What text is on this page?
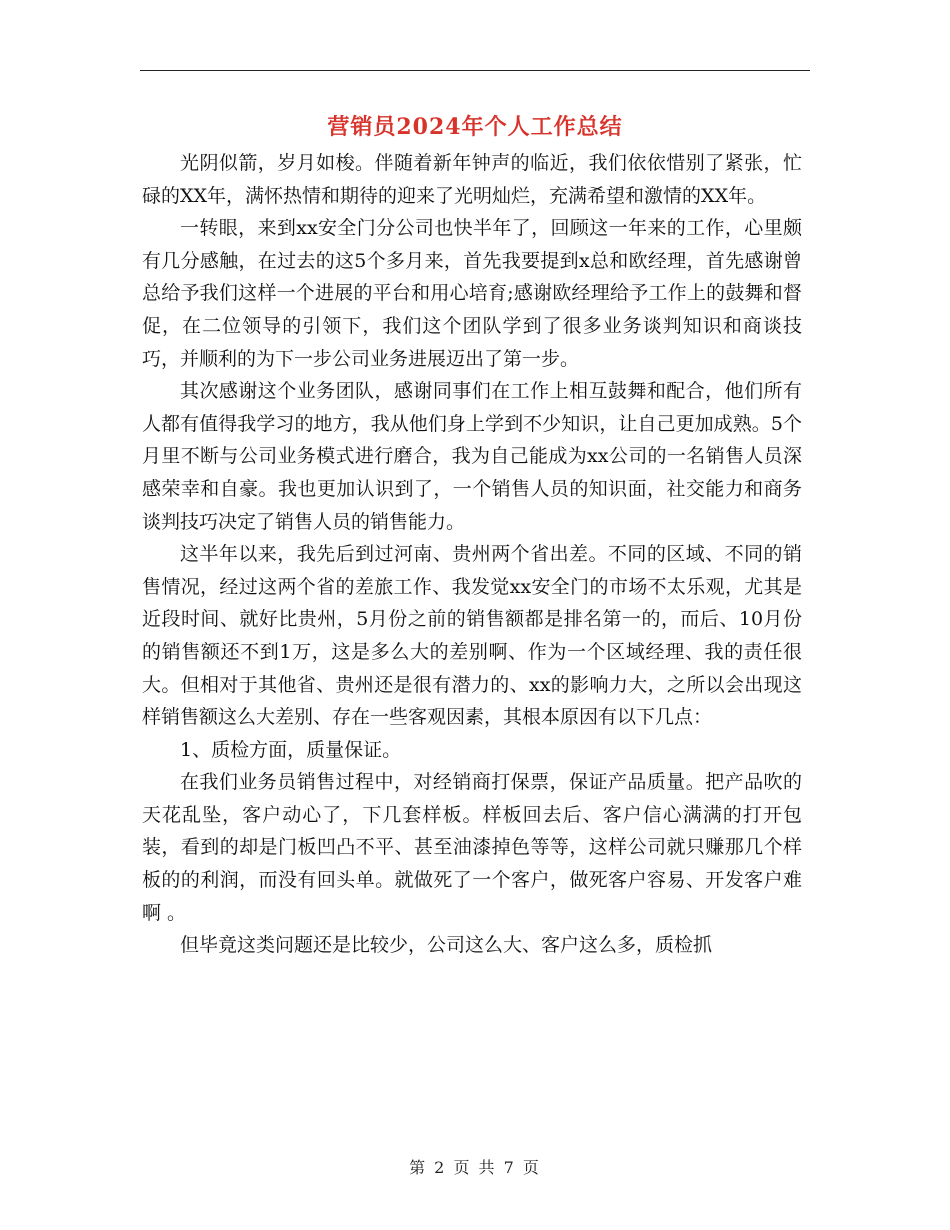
营销员2024年个人工作总结

光阴似箭，岁月如梭。伴随着新年钟声的临近，我们依依惜别了紧张，忙碌的XX年，满怀热情和期待的迎来了光明灿烂，充满希望和激情的XX年。

一转眼，来到xx安全门分公司也快半年了，回顾这一年来的工作，心里颇有几分感触，在过去的这5个多月来，首先我要提到x总和欧经理，首先感谢曾总给予我们这样一个进展的平台和用心培育;感谢欧经理给予工作上的鼓舞和督促，在二位领导的引领下，我们这个团队学到了很多业务谈判知识和商谈技巧，并顺利的为下一步公司业务进展迈出了第一步。

其次感谢这个业务团队，感谢同事们在工作上相互鼓舞和配合，他们所有人都有值得我学习的地方，我从他们身上学到不少知识，让自己更加成熟。5个月里不断与公司业务模式进行磨合，我为自己能成为xx公司的一名销售人员深感荣幸和自豪。我也更加认识到了，一个销售人员的知识面，社交能力和商务谈判技巧决定了销售人员的销售能力。

这半年以来，我先后到过河南、贵州两个省出差。不同的区域、不同的销售情况，经过这两个省的差旅工作、我发觉xx安全门的市场不太乐观，尤其是近段时间、就好比贵州，5月份之前的销售额都是排名第一的，而后、10月份的销售额还不到1万，这是多么大的差别啊、作为一个区域经理、我的责任很大。但相对于其他省、贵州还是很有潜力的、xx的影响力大，之所以会出现这样销售额这么大差别、存在一些客观因素，其根本原因有以下几点：

1、质检方面，质量保证。

在我们业务员销售过程中，对经销商打保票，保证产品质量。把产品吹的天花乱坠，客户动心了，下几套样板。样板回去后、客户信心满满的打开包装，看到的却是门板凹凸不平、甚至油漆掉色等等，这样公司就只赚那几个样板的的利润，而没有回头单。就做死了一个客户，做死客户容易、开发客户难啊 。

但毕竟这类问题还是比较少，公司这么大、客户这么多，质检抓

第 2 页 共 7 页
